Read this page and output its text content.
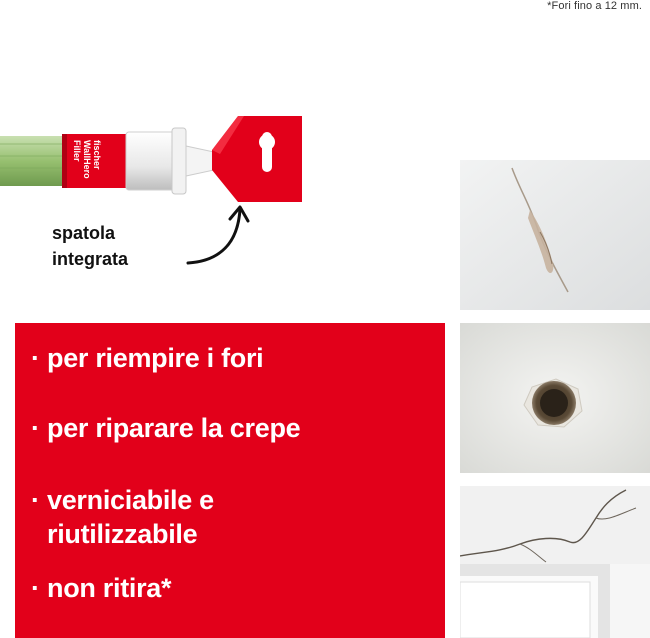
*Fori fino a 12 mm.
fischer
WallHero
Filler
spatola
integrata
· per riempire i fori
· per riparare la crepe
· verniciabile e
riutilizzabile
· non ritira*
